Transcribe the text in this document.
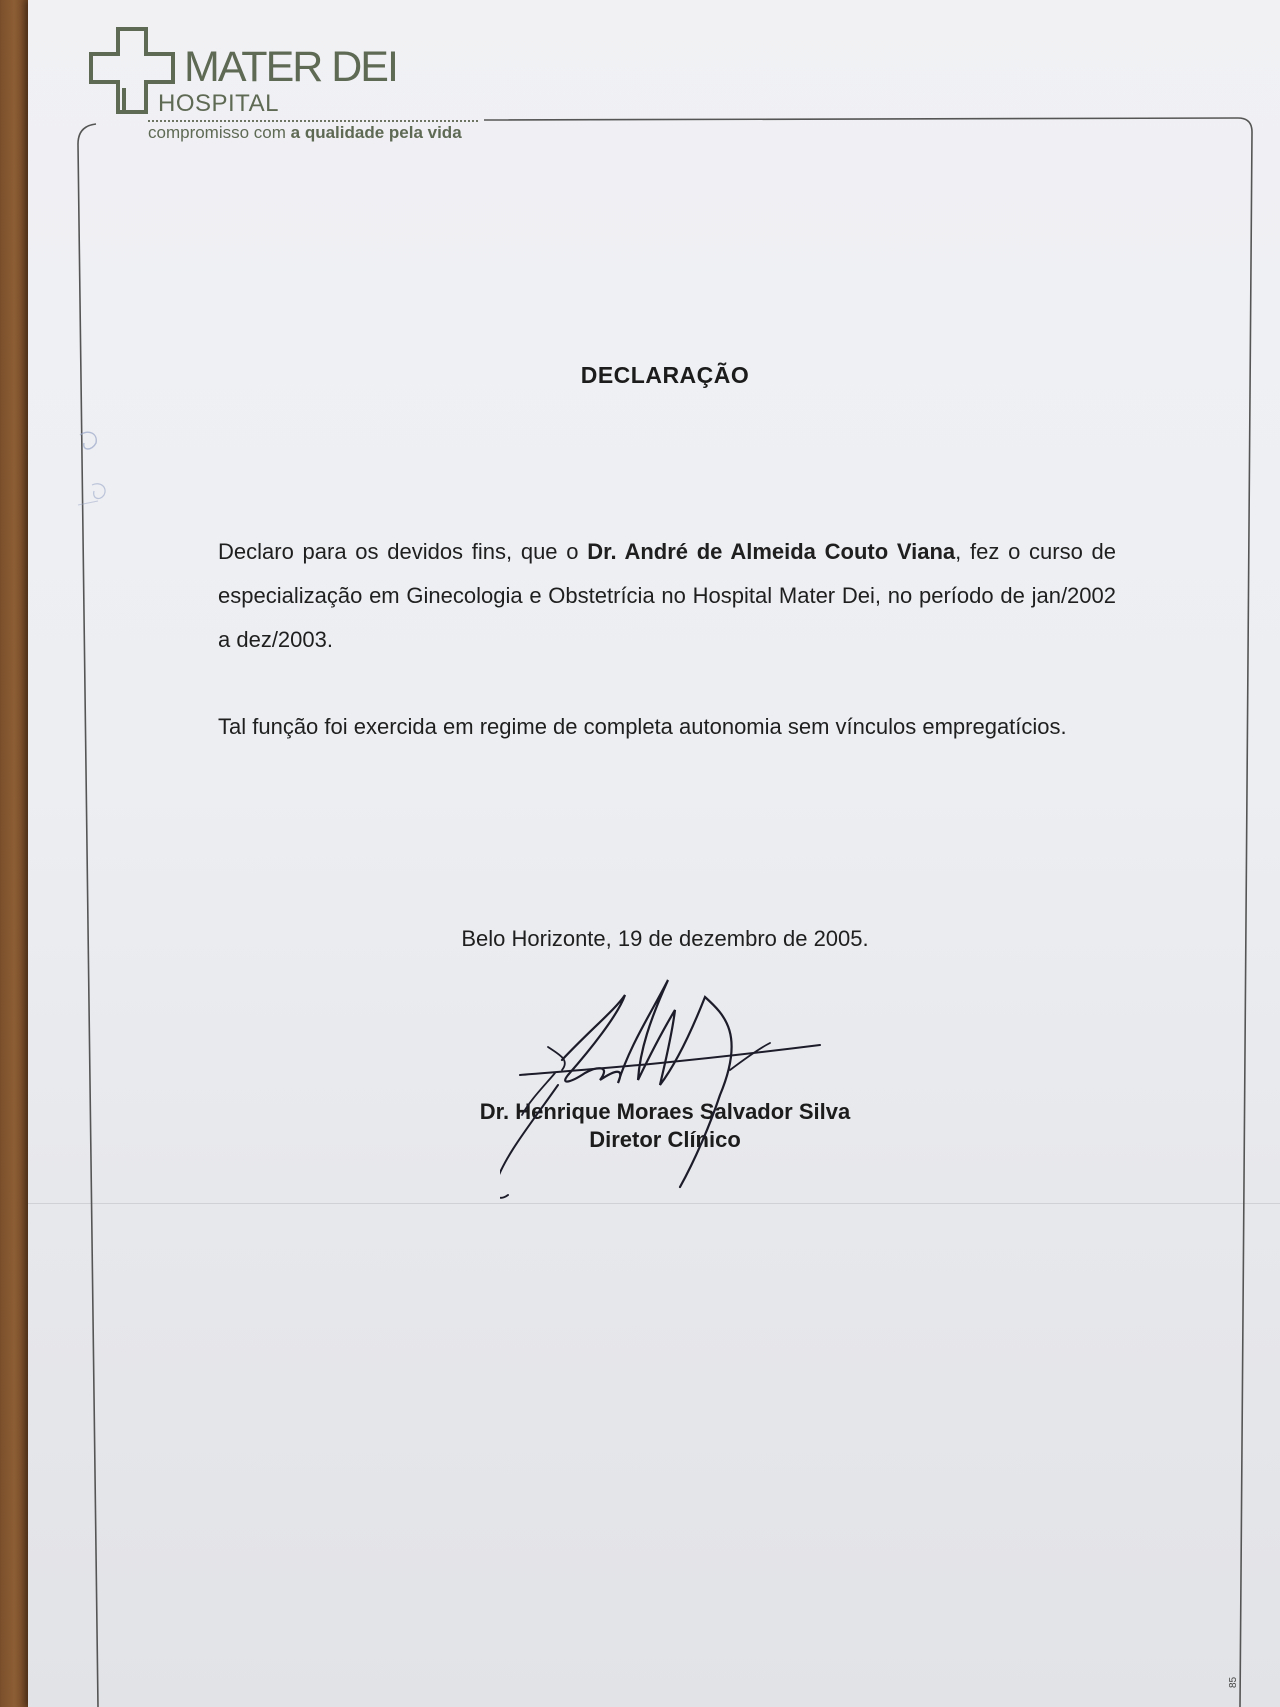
MATER DEI
HOSPITAL
compromisso com a qualidade pela vida
DECLARAÇÃO

Declaro para os devidos fins, que o Dr. André de Almeida Couto Viana, fez o curso de especialização em Ginecologia e Obstetrícia no Hospital Mater Dei, no período de jan/2002 a dez/2003.

Tal função foi exercida em regime de completa autonomia sem vínculos empregatícios.

Belo Horizonte, 19 de dezembro de 2005.
Dr. Henrique Moraes Salvador Silva
Diretor Clínico
85
